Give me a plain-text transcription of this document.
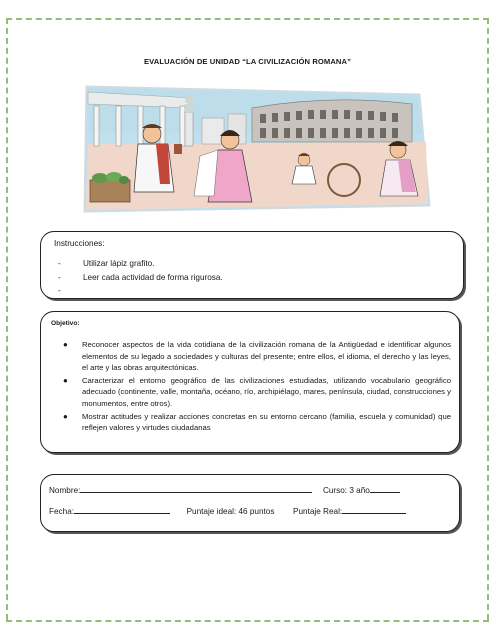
EVALUACIÓN DE UNIDAD “LA CIVILIZACIÓN ROMANA”
Instrucciones:
-	Utilizar lápiz grafito.
-	Leer cada actividad de forma rigurosa.
-
Objetivo:
●	Reconocer aspectos de la vida cotidiana de la civilización romana de la Antigüedad e identificar algunos elementos de su legado a sociedades y culturas del presente; entre ellos, el idioma, el derecho y las leyes, el arte y las obras arquitectónicas.
●	Caracterizar el entorno geográfico de las civilizaciones estudiadas, utilizando vocabulario geográfico adecuado (continente, valle, montaña, océano, río, archipiélago, mares, península, ciudad, construcciones y monumentos, entre otros).
●	Mostrar actitudes y realizar acciones concretas en su entorno cercano (familia, escuela y comunidad) que reflejen valores y virtudes ciudadanas
Nombre:	Curso: 3 año
Fecha:	Puntaje ideal: 46 puntos Puntaje Real:
